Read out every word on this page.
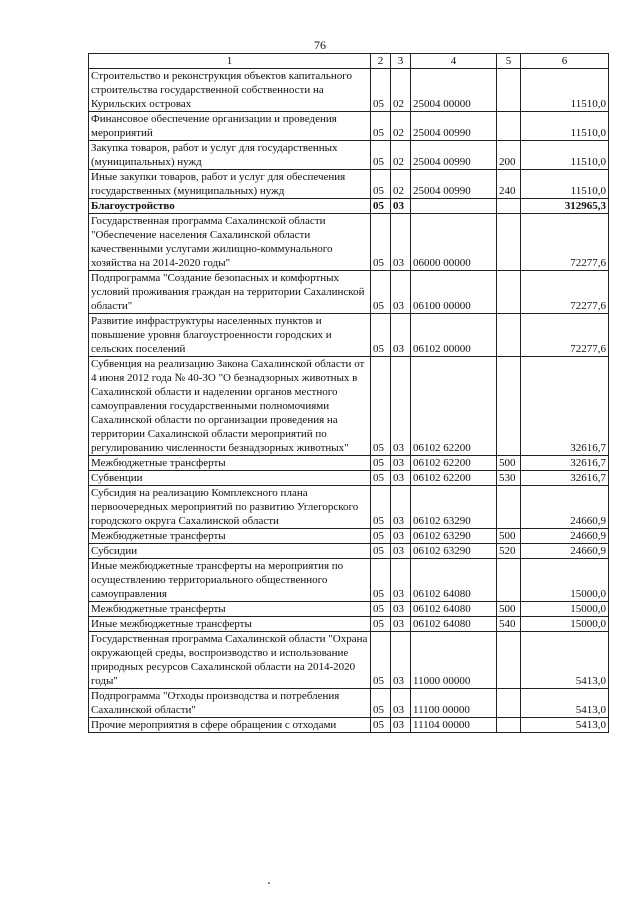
76
1	2	3	4	5	6
Строительство и реконструкция объектов капитального строительства государственной собственности на Курильских островах	05	02	25004 00000		11510,0
Финансовое обеспечение организации и проведения мероприятий	05	02	25004 00990		11510,0
Закупка товаров, работ и услуг для государственных (муниципальных) нужд	05	02	25004 00990	200	11510,0
Иные закупки товаров, работ и услуг для обеспечения государственных (муниципальных) нужд	05	02	25004 00990	240	11510,0
Благоустройство	05	03			312965,3
Государственная программа Сахалинской области "Обеспечение населения Сахалинской области качественными услугами жилищно-коммунального хозяйства на 2014-2020 годы"	05	03	06000 00000		72277,6
Подпрограмма "Создание безопасных и комфортных условий проживания граждан на территории Сахалинской области"	05	03	06100 00000		72277,6
Развитие инфраструктуры населенных пунктов и повышение уровня благоустроенности городских и сельских поселений	05	03	06102 00000		72277,6
Субвенция на реализацию Закона Сахалинской области от 4 июня 2012 года № 40-ЗО "О безнадзорных животных в Сахалинской области и наделении органов местного самоуправления государственными полномочиями Сахалинской области по организации проведения на территории Сахалинской области мероприятий по регулированию численности безнадзорных животных"	05	03	06102 62200		32616,7
Межбюджетные трансферты	05	03	06102 62200	500	32616,7
Субвенции	05	03	06102 62200	530	32616,7
Субсидия на реализацию Комплексного плана первоочередных мероприятий по развитию Углегорского городского округа Сахалинской области	05	03	06102 63290		24660,9
Межбюджетные трансферты	05	03	06102 63290	500	24660,9
Субсидии	05	03	06102 63290	520	24660,9
Иные межбюджетные трансферты на мероприятия по осуществлению территориального общественного самоуправления	05	03	06102 64080		15000,0
Межбюджетные трансферты	05	03	06102 64080	500	15000,0
Иные межбюджетные трансферты	05	03	06102 64080	540	15000,0
Государственная программа Сахалинской области "Охрана окружающей среды, воспроизводство и использование природных ресурсов Сахалинской области на 2014-2020 годы"	05	03	11000 00000		5413,0
Подпрограмма "Отходы производства и потребления Сахалинской области"	05	03	11100 00000		5413,0
Прочие мероприятия в сфере обращения с отходами	05	03	11104 00000		5413,0
